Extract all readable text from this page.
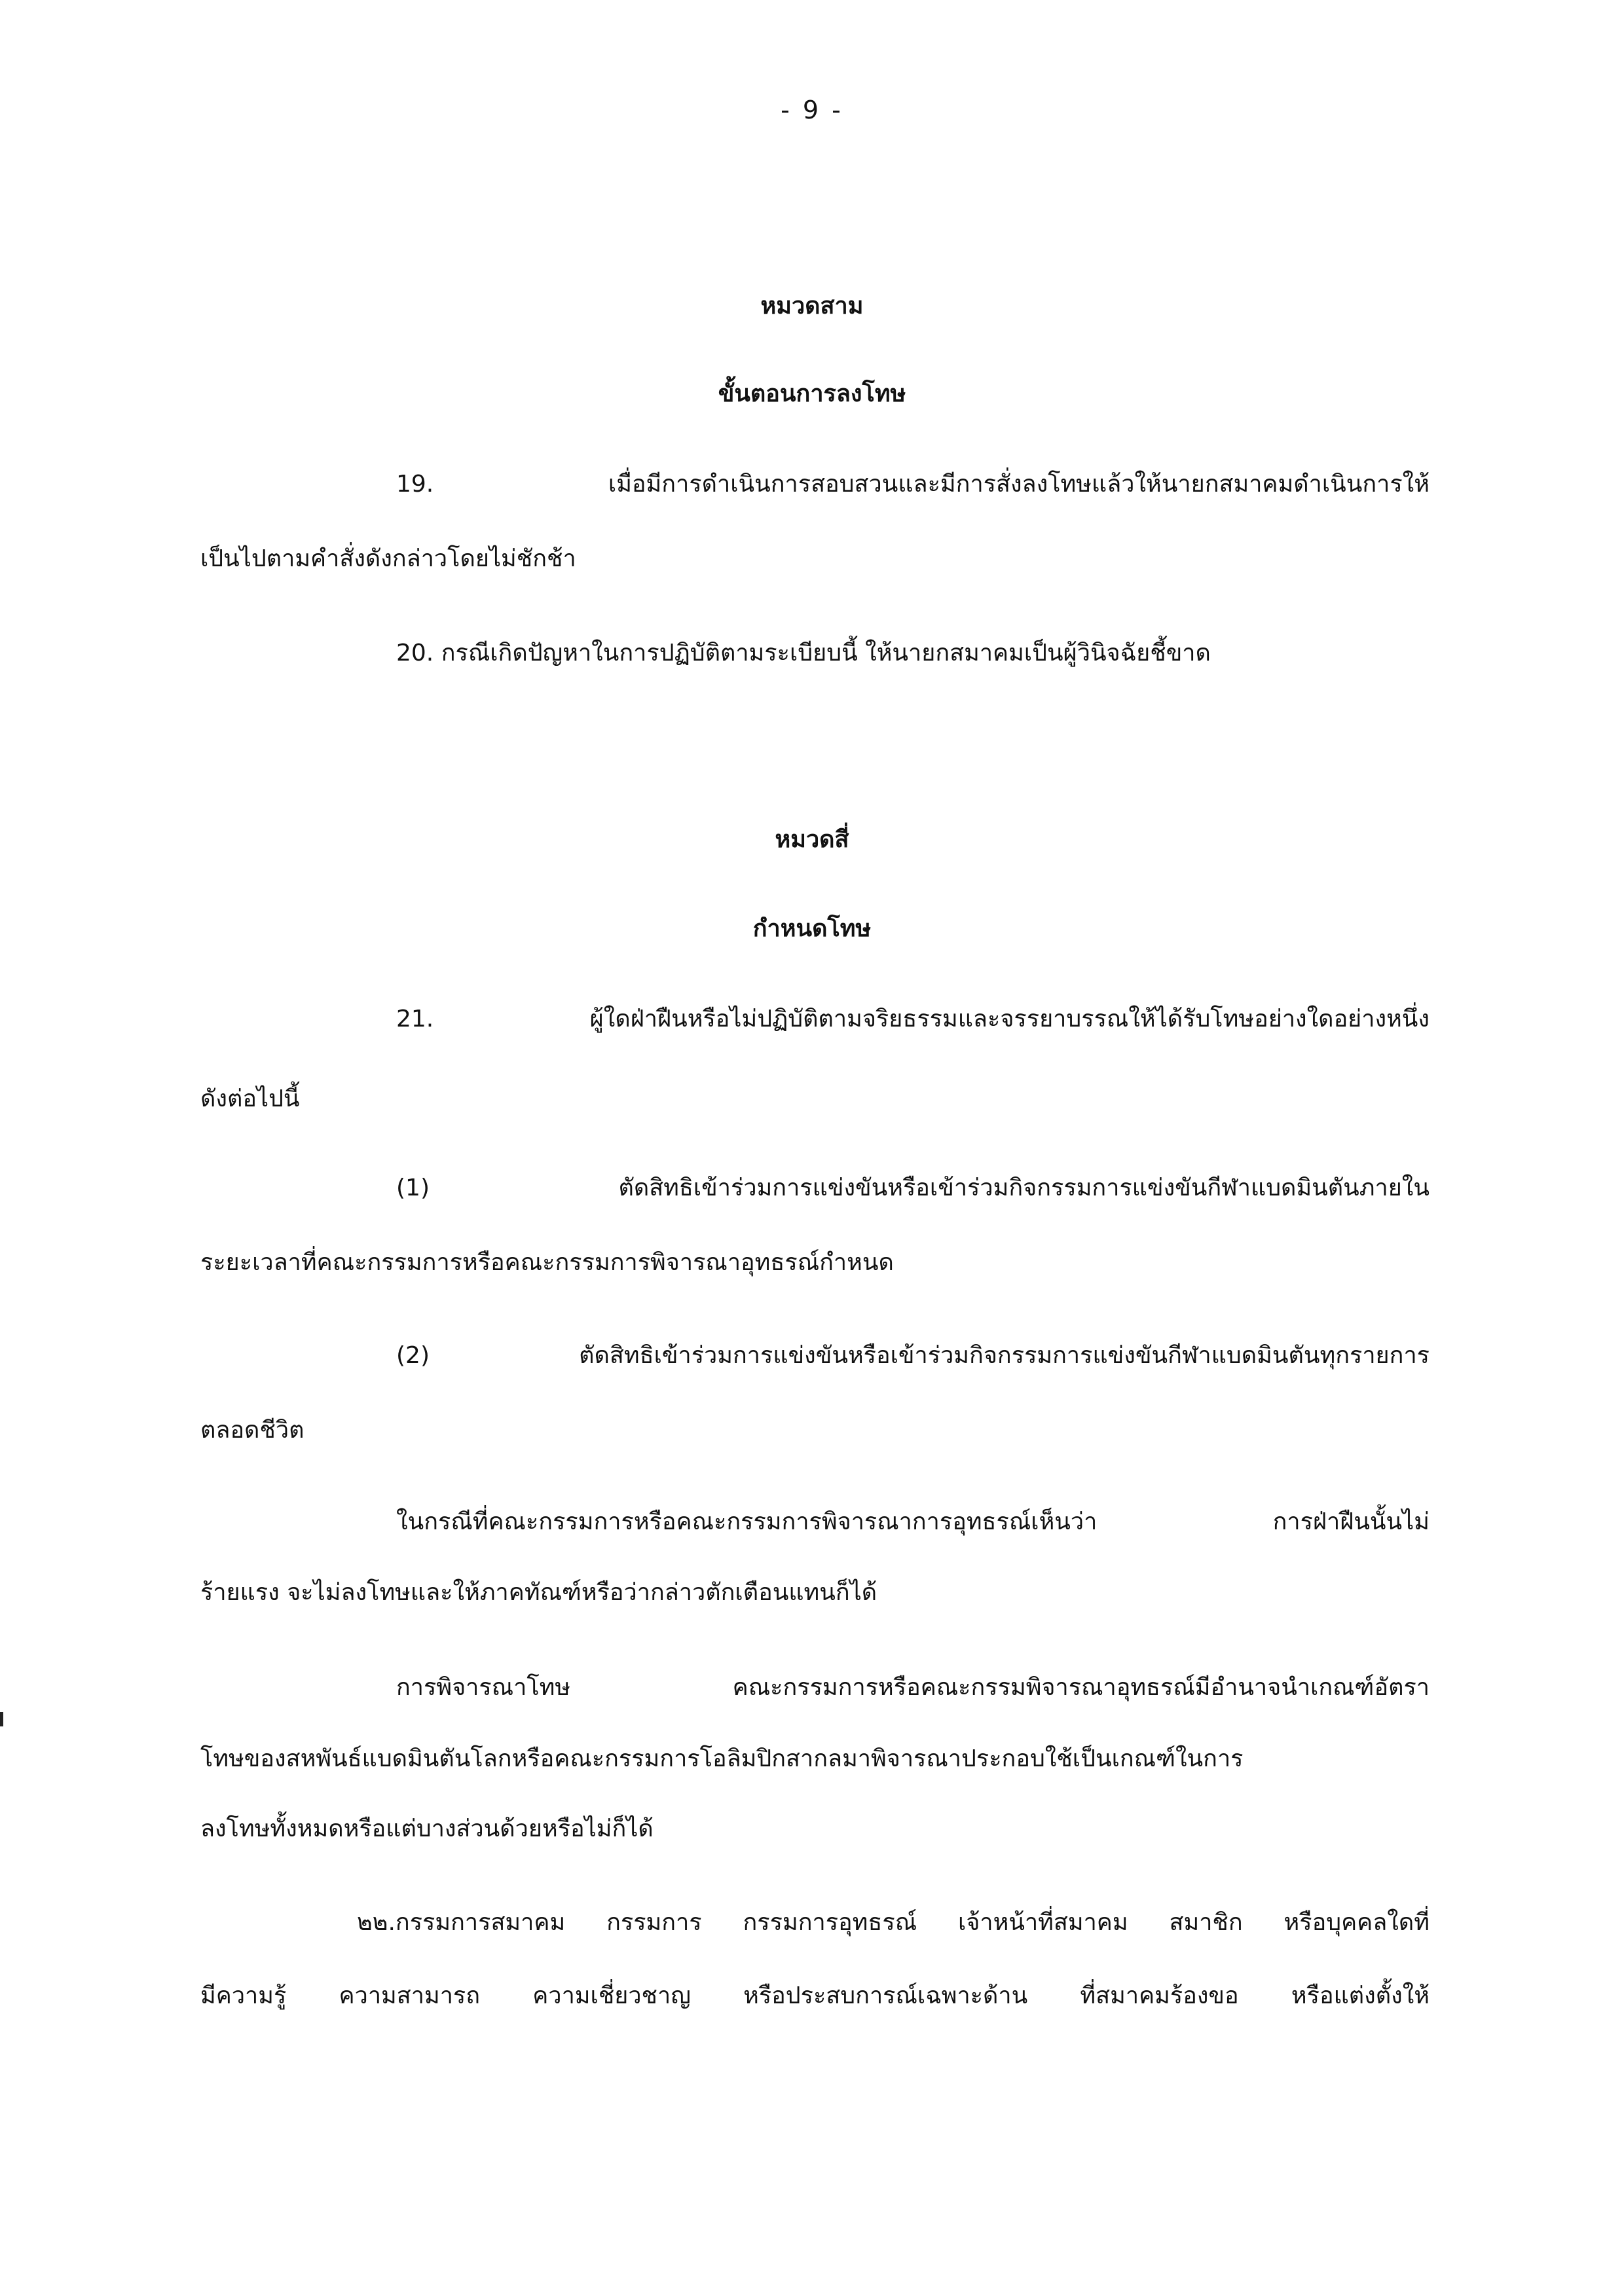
- 9 -
หมวดสาม
ขั้นตอนการลงโทษ
19. เมื่อมีการดำเนินการสอบสวนและมีการสั่งลงโทษแล้วให้นายกสมาคมดำเนินการให้
เป็นไปตามคำสั่งดังกล่าวโดยไม่ชักช้า
20. กรณีเกิดปัญหาในการปฏิบัติตามระเบียบนี้ ให้นายกสมาคมเป็นผู้วินิจฉัยชี้ขาด
หมวดสี่
กำหนดโทษ
21. ผู้ใดฝ่าฝืนหรือไม่ปฏิบัติตามจริยธรรมและจรรยาบรรณให้ได้รับโทษอย่างใดอย่างหนึ่ง
ดังต่อไปนี้
(1) ตัดสิทธิเข้าร่วมการแข่งขันหรือเข้าร่วมกิจกรรมการแข่งขันกีฬาแบดมินตันภายใน
ระยะเวลาที่คณะกรรมการหรือคณะกรรมการพิจารณาอุทธรณ์กำหนด
(2) ตัดสิทธิเข้าร่วมการแข่งขันหรือเข้าร่วมกิจกรรมการแข่งขันกีฬาแบดมินตันทุกรายการ
ตลอดชีวิต
ในกรณีที่คณะกรรมการหรือคณะกรรมการพิจารณาการอุทธรณ์เห็นว่า การฝ่าฝืนนั้นไม่
ร้ายแรง จะไม่ลงโทษและให้ภาคทัณฑ์หรือว่ากล่าวตักเตือนแทนก็ได้
การพิจารณาโทษ คณะกรรมการหรือคณะกรรมพิจารณาอุทธรณ์มีอำนาจนำเกณฑ์อัตรา
โทษของสหพันธ์แบดมินตันโลกหรือคณะกรรมการโอลิมปิกสากลมาพิจารณาประกอบใช้เป็นเกณฑ์ในการ
ลงโทษทั้งหมดหรือแต่บางส่วนด้วยหรือไม่ก็ได้
๒๒.กรรมการสมาคม กรรมการ กรรมการอุทธรณ์ เจ้าหน้าที่สมาคม สมาชิก หรือบุคคลใดที่
มีความรู้ ความสามารถ ความเชี่ยวชาญ หรือประสบการณ์เฉพาะด้าน ที่สมาคมร้องขอ หรือแต่งตั้งให้
